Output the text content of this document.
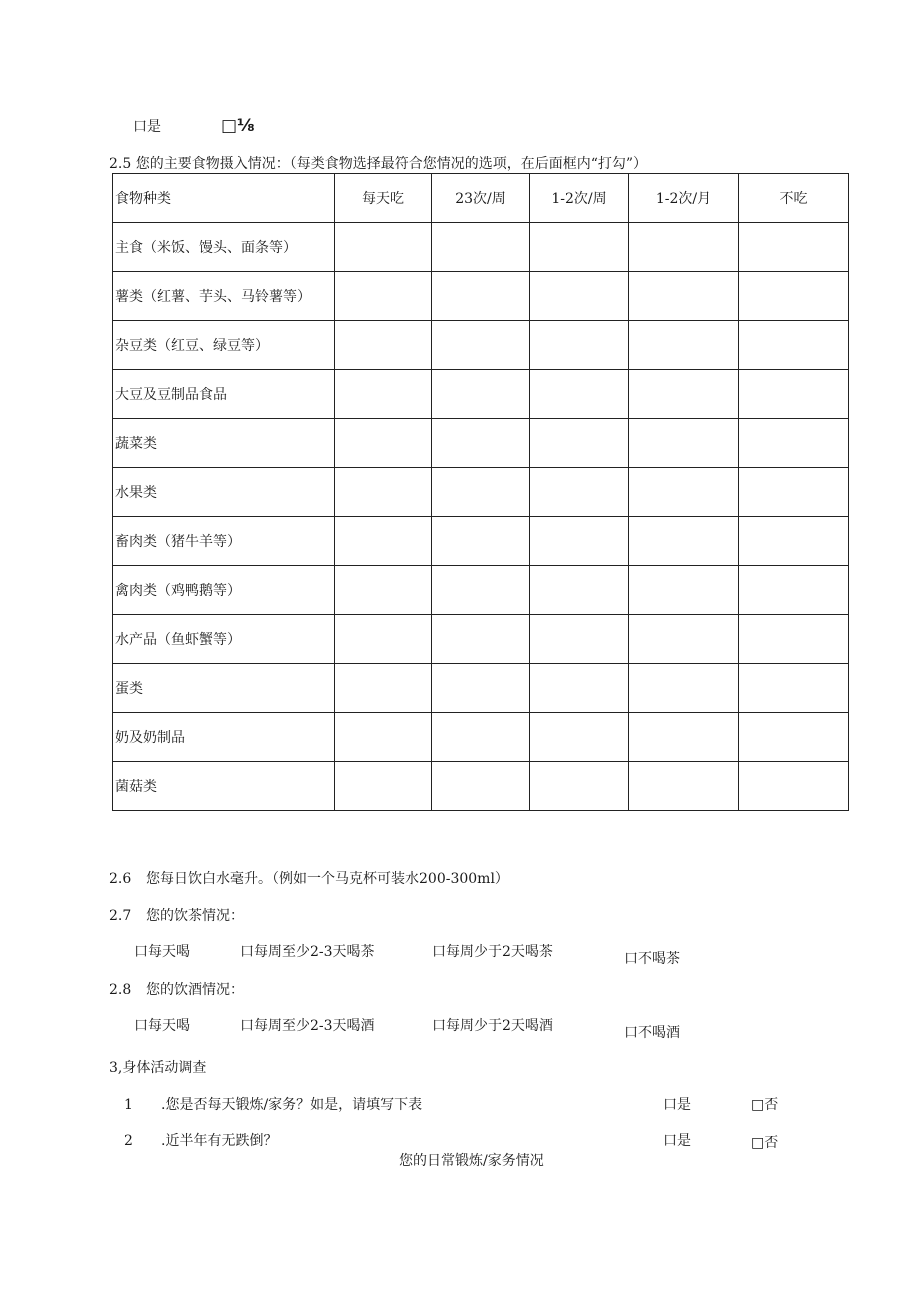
口是	□⅛
2.5 您的主要食物摄入情况：（每类食物选择最符合您情况的选项，在后面框内“打勾”）
食物种类	每天吃	23次/周	1-2次/周	1-2次/月	不吃
主食（米饭、馒头、面条等）					
薯类（红薯、芋头、马铃薯等）					
杂豆类（红豆、绿豆等）					
大豆及豆制品食品					
蔬菜类					
水果类					
畜肉类（猪牛羊等）					
禽肉类（鸡鸭鹅等）					
水产品（鱼虾蟹等）					
蛋类					
奶及奶制品					
菌菇类					
2.6 您每日饮白水毫升。（例如一个马克杯可装水200-300ml）
2.7 您的饮茶情况：
口每天喝	口每周至少2-3天喝茶	口每周少于2天喝茶	口不喝茶
2.8 您的饮酒情况：
口每天喝	口每周至少2-3天喝酒	口每周少于2天喝酒	口不喝酒
3,身体活动调查
1 .您是否每天锻炼/家务？如是，请填写下表	口是	□否
2 .近半年有无跌倒？	口是	□否
您的日常锻炼/家务情况
